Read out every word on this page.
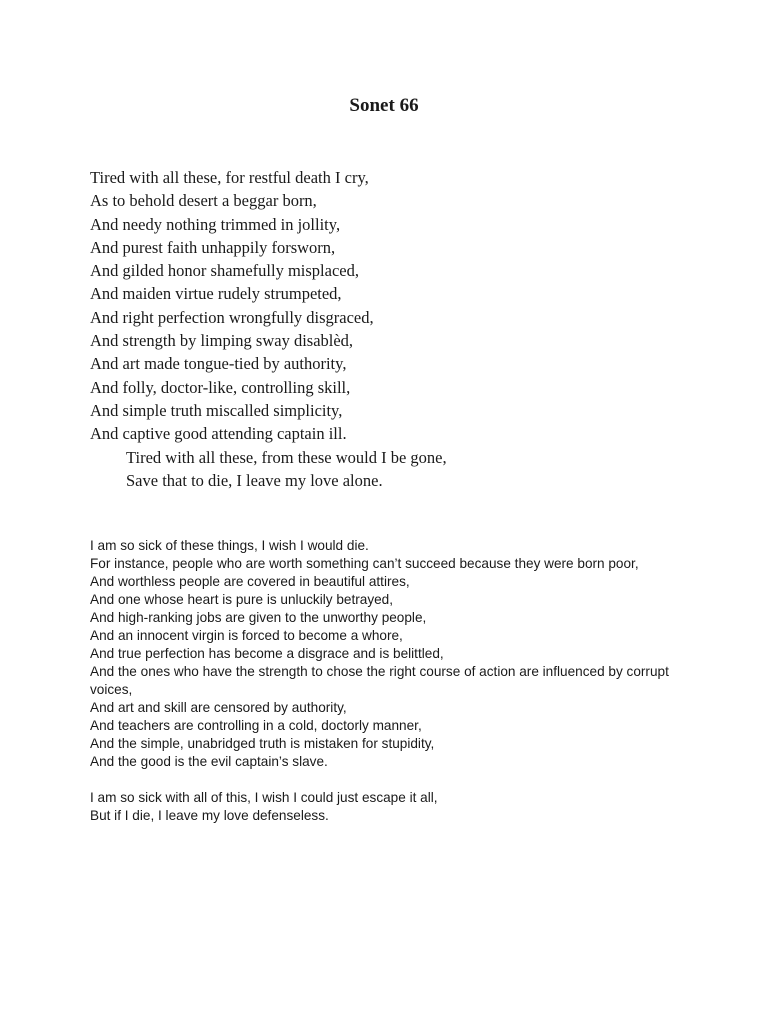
Sonet 66
Tired with all these, for restful death I cry,
As to behold desert a beggar born,
And needy nothing trimmed in jollity,
And purest faith unhappily forsworn,
And gilded honor shamefully misplaced,
And maiden virtue rudely strumpeted,
And right perfection wrongfully disgraced,
And strength by limping sway disablèd,
And art made tongue-tied by authority,
And folly, doctor-like, controlling skill,
And simple truth miscalled simplicity,
And captive good attending captain ill.
Tired with all these, from these would I be gone,
Save that to die, I leave my love alone.
I am so sick of these things, I wish I would die.
For instance, people who are worth something can’t succeed because they were born poor,
And worthless people are covered in beautiful attires,
And one whose heart is pure is unluckily betrayed,
And high-ranking jobs are given to the unworthy people,
And an innocent virgin is forced to become a whore,
And true perfection has become a disgrace and is belittled,
And the ones who have the strength to chose the right course of action are influenced by corrupt voices,
And art and skill are censored by authority,
And teachers are controlling in a cold, doctorly manner,
And the simple, unabridged truth is mistaken for stupidity,
And the good is the evil captain’s slave.
I am so sick with all of this, I wish I could just escape it all,
But if I die, I leave my love defenseless.
